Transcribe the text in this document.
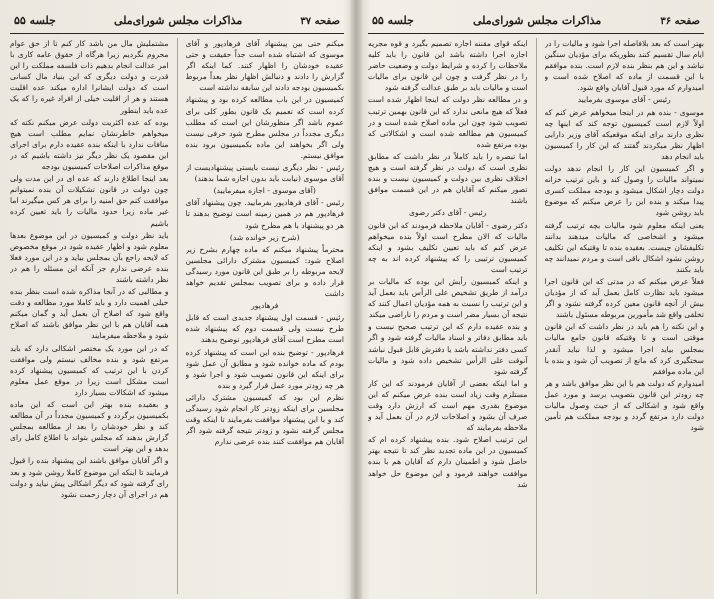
صفحه ۳۷
مذاکرات مجلس شورای‌ملی
جلسه ۵۵

میکنم حتی بین پیشنهاد آقای فرهادپور و آقای موسوی که اشتباه شده است جداً حقیقت و حتی عقیده خودشان را اظهار کنند. کما اینکه اگر گزارش را دادند و دنبالش اظهار نظر بعداً مربوط بکمیسیون بودجه دادند این سابقه نداشته است

کمیسیون در این باب مطالعه کرده بود و پیشنهاد کرده است که تعمیم یک قانون بطور کلی برای عموم باشد اگر منظورشان این است که مطلب دیگری مجدداً در مجلس مطرح شود حرفی نیست ولی اگر بخواهند این ماده بکمیسیون برود بنده موافق نیستم.

رئیس - نظر دیگری نیست بایستی پیشنهادیست از آقای موسوی (نیابت باید بدون اجازه شما بدهند)

(آقای موسوی - اجازه میفرمایید)

رئیس - آقای فرهادپور بفرمایید. چون پیشنهاد آقای فرهادپور هم در همین زمینه است توضیح بدهند تا هر دو پیشنهاد با هم مطرح شود

(شرح زیر خوانده شد)

محترماً پیشنهاد میکنم که ماده چهارم بشرح زیر اصلاح شود: کمیسیون مشترک دارائی مجلسین لایحه مربوطه را بر طبق این قانون مورد رسیدگی قرار داده و برای تصویب بمجلس تقدیم خواهد داشت

فرهادپور

رئیس - قسمت اول پیشنهاد جدیدی است که قابل طرح نیست ولی قسمت دوم که پیشنهاد شده است مطرح است آقای فرهادپور توضیح بدهند

فرهادپور - توضیح بنده این است که پیشنهاد کرده بودم که ماده خوانده شود و مطابق آن عمل شود برای اینکه این قانون تصویب شود و اجرا شود و هر چه زودتر مورد عمل قرار گیرد و بنده

نظرم این بود که کمیسیون مشترک دارائی مجلسین برای اینکه زودتر کار انجام شود رسیدگی کند و با این پیشنهاد موافقت بفرمایند تا اینکه وقت مجلس گرفته نشود و زودتر نتیجه گرفته شود اگر آقایان هم موافقت کنند بنده عرضی ندارم

مشتملیش مال من باشد کار کنم تا از حق عوام محروم نگردیم زیرا هرگاه از حقوق عامه کاری با امر عدالت انجام بدهیم ذات فلسفه مملکت را این قدرت و دولت دیگری که این بنیاد مال کسانی است که دولت ایشانرا اداره میکند عده اقلیت هستند و هر از اقلیت خیلی از افراد غیره را که یک عده باید اینطور

بوده که عده اکثریت دولت عرض میکنم نکته که میخواهم خاطرنشان نمایم مطلب است هیچ منافات ندارد با اینکه بنده عقیده دارم برای اجرای این مقصود یک نظر دیگر نیز داشته باشیم که در موقع مذاکرات اصلاحات کمیسیون بودجه

بعد اینجا اطلاع دارند که عده ای در این مدت ولی چون دولت در قانون تشکیلات آن بنده نمیتوانم موافقت کنم حق امنیه را برای هر کس میگیرند اما غیر ماده زیرا حدود مالیات را باید تعیین کرده باشیم

باید نظر دولت و کمیسیون در این موضوع بعدها معلوم شود و اظهار عقیده شود در موقع مخصوص که لایحه راجع بآن بمجلس بیاید و در این مورد فعلا بنده عرضی ندارم جز آنکه این مسئله را هم در نظر داشته باشند

و مطالبی که در آنجا مذاکره شده است بنظر بنده خیلی اهمیت دارد و باید کاملا مورد مطالعه و دقت واقع شود که اصلاح آن بعمل آید و گمان میکنم همه آقایان هم با این نظر موافق باشند که اصلاح شود و ملاحظه میفرمایند

که در این مورد یک مختصر اشکالی دارد که باید مرتفع شود و بنده مخالف نیستم ولی موافقت کردن با این ترتیب که کمیسیون پیشنهاد کرده است مشکل است زیرا در موقع عمل معلوم میشود که اشکالات بسیار دارد

و بعقیده بنده بهتر این است که این ماده بکمیسیون برگردد و کمیسیون مجدداً در آن مطالعه کند و نظر خودشان را بعد از مطالعه بمجلس گزارش بدهند که مجلس بتواند با اطلاع کامل رای بدهد و این بهتر است

و اگر آقایان موافق باشند این پیشنهاد بنده را قبول فرمایند تا اینکه این موضوع کاملا روشن شود و بعد رای گرفته شود که دیگر اشکالی پیش نیاید و دولت هم در اجرای آن دچار زحمت نشود

صفحه ۳۶
مذاکرات مجلس شورای‌ملی
جلسه ۵۵

بهتر است که بعد بلافاصله اجرا شود و مالیات را در ایام سال تقسیم کنند بطوریکه برای مؤدیان سنگین نباشد و این هم بنظر بنده لازم است. بنده موافقم با این قسمت از ماده که اصلاح شده است و امیدوارم که مورد قبول آقایان واقع شود.

رئیس - آقای موسوی بفرمایید

موسوی - بنده هم در اینجا میخواهم عرض کنم که اولاً لازم است کمیسیون توجه کند که اینها چه نظری دارند برای اینکه موقعیکه آقای وزیر دارایی اظهار نظر میکردند گفتند که این کار را کمیسیون باید انجام دهد

و اگر کمیسیون این کار را انجام ندهد دولت نمیتواند مالیات را وصول کند و باین ترتیب خزانه دولت دچار اشکال میشود و بودجه مملکت کسری پیدا میکند و بنده این را عرض میکنم که موضوع باید روشن شود

یعنی اینکه معلوم شود مالیات بچه ترتیب گرفته میشود و اشخاصی که مالیات میدهند بدانند تکلیفشان چیست. بعقیده بنده تا وقتیکه این تکلیف روشن نشود اشکال باقی است و مردم نمیدانند چه باید بکنند

فعلاً عرض میکنم که در مدتی که این قانون اجرا میشود باید نظارت کامل بعمل آید که از مؤدیان بیش از آنچه قانون معین کرده گرفته نشود و اگر تخلفی واقع شد مأمورین مربوطه مسئول باشند

و این نکته را هم باید در نظر داشت که این قانون موقتی است و تا وقتیکه قانون جامع مالیات بمجلس بیاید اجرا میشود و لذا نباید آنقدر سختگیری کرد که مانع از تصویب آن شود و بنده با این ماده موافقم

امیدوارم که دولت هم با این نظر موافق باشد و هر چه زودتر این قانون بتصویب برسد و مورد عمل واقع شود و اشکالی که از حیث وصول مالیات دولت دارد مرتفع گردد و بودجه مملکت هم تأمین شود

اینکه قوای مقننه اجازه تصمیم بگیرد و قوه مجریه اجازه اجرا داشته باشد این قانون را باید کلیه ملاحظات را کرده و شرایط دولت و وضعیت حاضر را در نظر گرفت و چون این قانون برای مالیات است و مالیات باید بر طبق عدالت گرفته شود

و در مطالعه نظر دولت که اینجا اظهار شده است فعلاً که هیچ مانعی ندارد که این قانون بهمین ترتیب تصویب شود چون این ماده اصلاح شده است و در کمیسیون هم مطالعه شده است و اشکالاتی که بوده مرتفع شده

اما تبصره را باید کاملاً در نظر داشت که مطابق نظری است که دولت در نظر گرفته است و هیچ اختلاف نظری بین دولت و کمیسیون نیست و بنده تصور میکنم که آقایان هم در این قسمت موافق باشند

رئیس - آقای دکتر رضوی

دکتر رضوی - آقایان ملاحظه فرمودند که این قانون مالیات که الان مطرح است اولاً بنده میخواهم عرض کنم که باید تعیین تکلیف بشود و اینکه کمیسیون ترتیبی را که پیشنهاد کرده اند به چه ترتیب است

و اینکه کمیسیون رأیش این بوده که مالیات بر درآمد از طریق تشخیص علی الرأس باید بعمل آید و این ترتیب را نسبت به همه مؤدیان اعمال کنند که نتیجه آن بسیار مضر است و مردم را ناراضی میکند

و بنده عقیده دارم که این ترتیب صحیح نیست و باید مطابق دفاتر و اسناد مالیات گرفته شود و اگر کسی دفتر نداشته باشد یا دفترش قابل قبول نباشد آنوقت علی الرأس تشخیص داده شود و مالیات گرفته شود

و اما اینکه بعضی از آقایان فرمودند که این کار مستلزم وقت زیاد است بنده عرض میکنم که این موضوع بقدری مهم است که ارزش دارد وقت صرف آن بشود و اصلاحات لازم در آن بعمل آید و ملاحظه بفرمایند که

این ترتیب اصلاح شود. بنده پیشنهاد کرده ام که کمیسیون در این ماده تجدید نظر کند تا نتیجه بهتر حاصل شود و اطمینان دارم که آقایان هم با بنده موافقت خواهند فرمود و این موضوع حل خواهد شد
